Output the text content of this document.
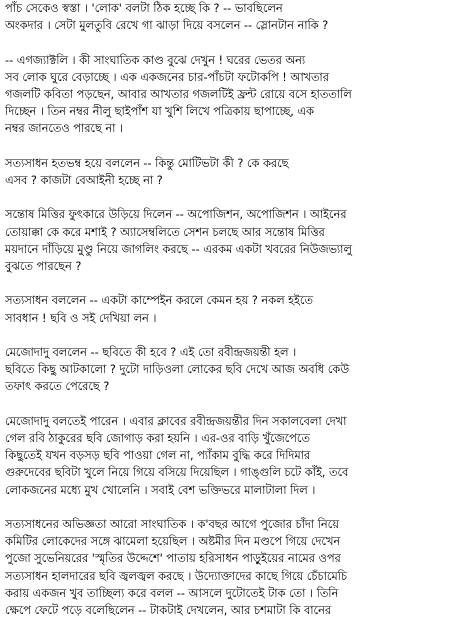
পাঁচ সেকেও স্বস্তা । 'লোক' বলটা ঠিক হচ্ছে কি ? -- ভাবছিলেন
অংকদার । সেটা মুলতুবি রেখে গা ঝাড়া দিয়ে বসলেন -- স্লোনটান নাকি ?
-- এগজ্যাক্টলি । কী সাংঘাতিক কাণ্ড বুঝে দেখুন ! ঘরের ভেতর অন্য
সব লোক ঘুরে বেড়াচ্ছে । এক একজনের চার-পাঁচটা ফটোকপি ! আখতার
গজলটি কবিতা পড়ছেন, আবার আখতার গজলটিই ফ্রন্ট রোয়ে বসে হাততালি
দিচ্ছেন । তিন নম্বর নীলু ছাইপাঁশ যা খুশি লিখে পত্রিকায় ছাপাচ্ছে, এক
নম্বর জানতেও পারছে না ।
সত্যসাধন হতভম্ব হয়ে বললেন -- কিন্তু মোটিভটা কী ? কে করছে
এসব ? কাজটা বেআইনী হচ্ছে না ?
সন্তোষ মিত্তির ফুৎকারে উড়িয়ে দিলেন -- অপোজিশন, অপোজিশন । আইনের
তোয়াক্কা কে করে মশাই ? অ্যাসেম্বলিতে সেশন চলছে আর সন্তোষ মিত্তির
ময়দানে দাঁড়িয়ে মুণ্ডু নিয়ে জাগলিং করছে -- এরকম একটা খবরের নিউজভ্যালু
বুঝতে পারছেন ?
সত্যসাধন বললেন -- একটা কাম্পেইন করলে কেমন হয় ? নকল হইতে
সাবধান ! ছবি ও সই দেখিয়া লন ।
মেজোদাদু বললেন -- ছবিতে কী হবে ? এই তো রবীন্দ্রজয়ন্তী হল ।
ছবিতে কিছু আটকালো ? দুটো দাড়িওলা লোকের ছবি দেখে আজ অবধি কেউ
তফাৎ করতে পেরেছে ?
মেজোদাদু বলতেই পারেন । এবার ক্লাবের রবীন্দ্রজয়ন্তীর দিন সকালবেলা দেখা
গেল রবি ঠাকুরের ছবি জোগাড় করা হয়নি । এর-ওর বাড়ি খুঁজেপেতে
কিছুতেই যখন বড়সড় ছবি পাওয়া গেল না, প্যাঁকাম বুদ্ধি করে দিদিমার
গুরুদেবের ছবিটা খুলে নিয়ে গিয়ে বসিয়ে দিয়েছিল । গাঙ্গুলি চটে কাঁই, তবে
লোকজনের মধ্যে মুখ খোলেনি । সবাই বেশ ভক্তিভরে মালাটালা দিল ।
সত্যসাধনের অভিজ্ঞতা আরো সাংঘাতিক । ক'বছর আগে পুজোর চাঁদা নিয়ে
কমিটির লোকেদের সঙ্গে ঝামেলা হয়েছিল । অষ্টমীর দিন মণ্ডপে গিয়ে দেখেন
পুজো সুভেনিয়রের 'স্মৃতির উদ্দেশে' পাতায় হরিসাধন পাড়ুইয়ের নামের ওপর
সত্যসাধন হালদারের ছবি জ্বলজ্বল করছে । উদ্যোক্তাদের কাছে গিয়ে চেঁচামেচি
করায় একজন খুব তাচ্ছিল্য করে বলল -- আসলে দুটোতেই টাক তো । তিনি
ক্ষেপে ফেটে পড়ে বলেছিলেন -- টাকটাই দেখলেন, আর চশমাটা কি বানের
